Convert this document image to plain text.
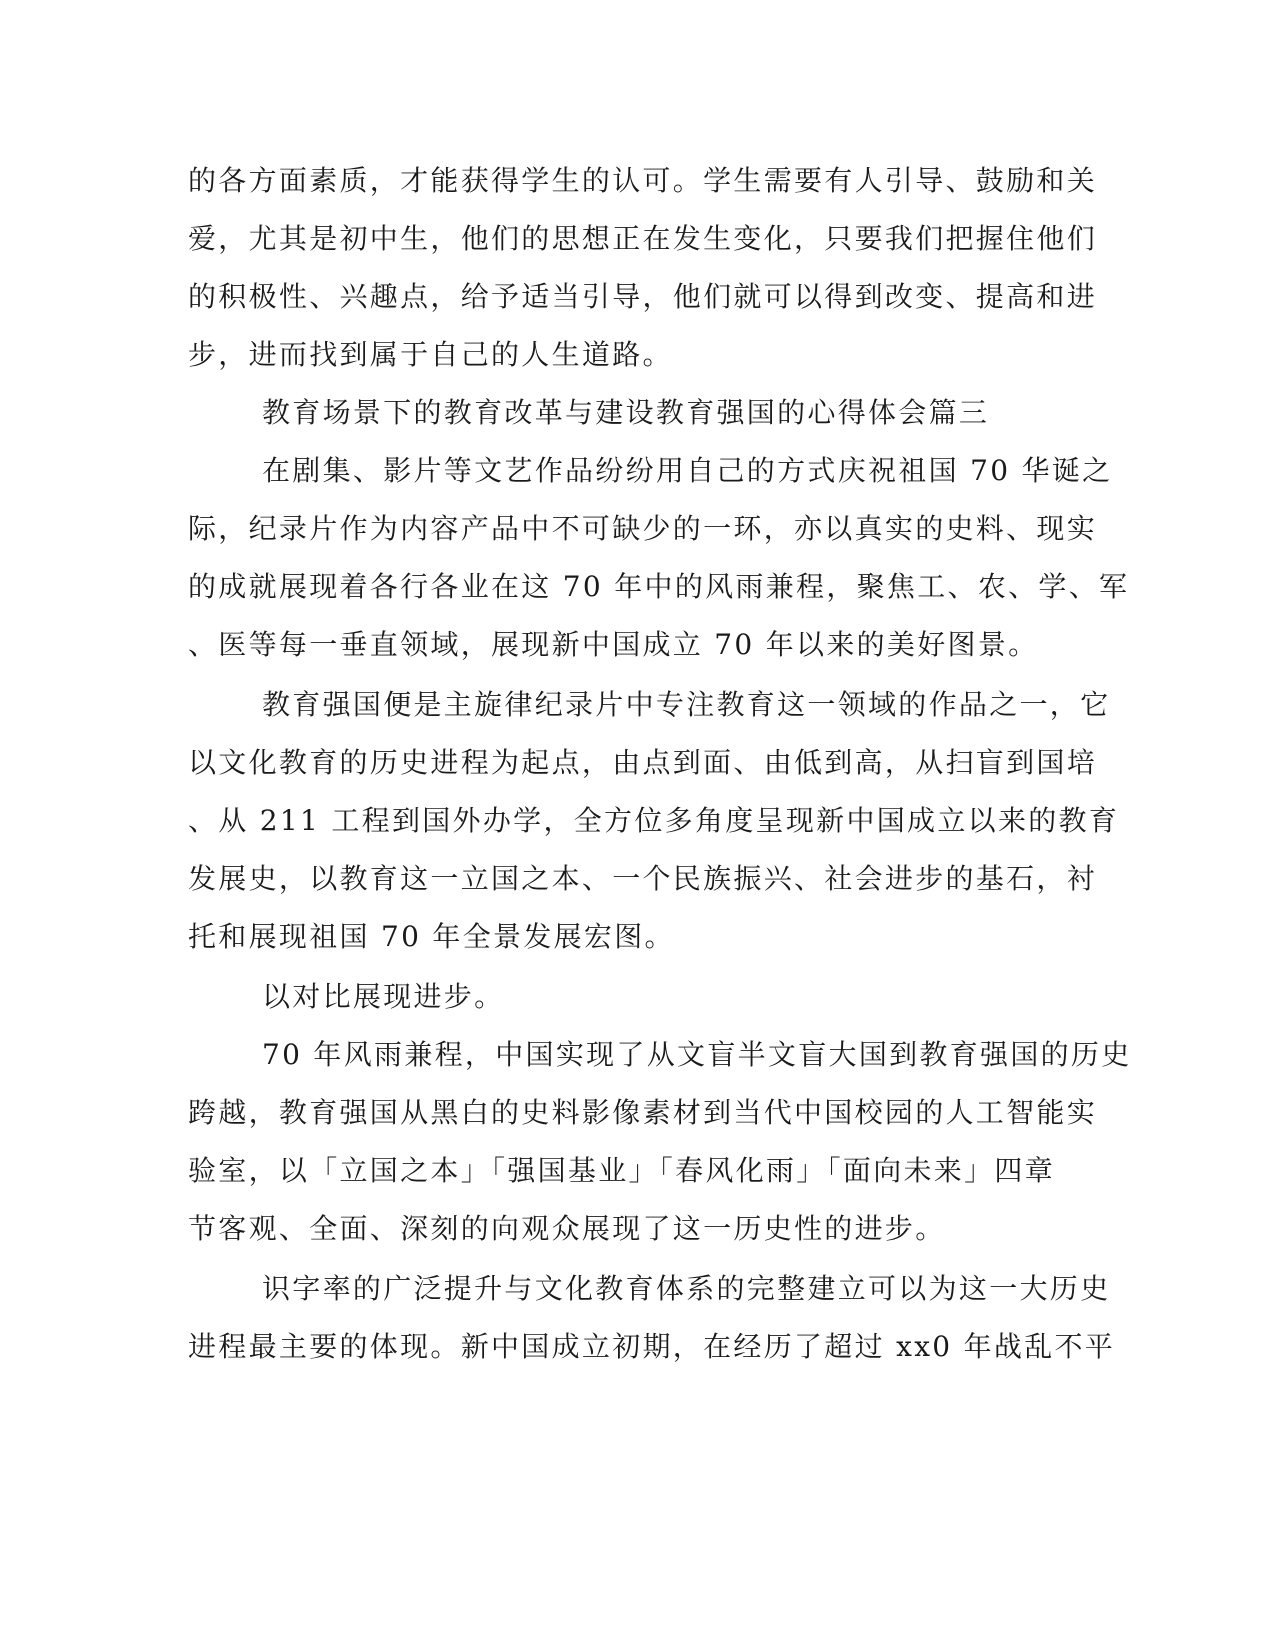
的各方面素质，才能获得学生的认可。学生需要有人引导、鼓励和关
爱，尤其是初中生，他们的思想正在发生变化，只要我们把握住他们
的积极性、兴趣点，给予适当引导，他们就可以得到改变、提高和进
步，进而找到属于自己的人生道路。
教育场景下的教育改革与建设教育强国的心得体会篇三
在剧集、影片等文艺作品纷纷用自己的方式庆祝祖国 70 华诞之
际，纪录片作为内容产品中不可缺少的一环，亦以真实的史料、现实
的成就展现着各行各业在这 70 年中的风雨兼程，聚焦工、农、学、军
、医等每一垂直领域，展现新中国成立 70 年以来的美好图景。
教育强国便是主旋律纪录片中专注教育这一领域的作品之一，它
以文化教育的历史进程为起点，由点到面、由低到高，从扫盲到国培
、从 211 工程到国外办学，全方位多角度呈现新中国成立以来的教育
发展史，以教育这一立国之本、一个民族振兴、社会进步的基石，衬
托和展现祖国 70 年全景发展宏图。
以对比展现进步。
70 年风雨兼程，中国实现了从文盲半文盲大国到教育强国的历史
跨越，教育强国从黑白的史料影像素材到当代中国校园的人工智能实
验室，以「立国之本」「强国基业」「春风化雨」「面向未来」四章
节客观、全面、深刻的向观众展现了这一历史性的进步。
识字率的广泛提升与文化教育体系的完整建立可以为这一大历史
进程最主要的体现。新中国成立初期，在经历了超过 xx0 年战乱不平
